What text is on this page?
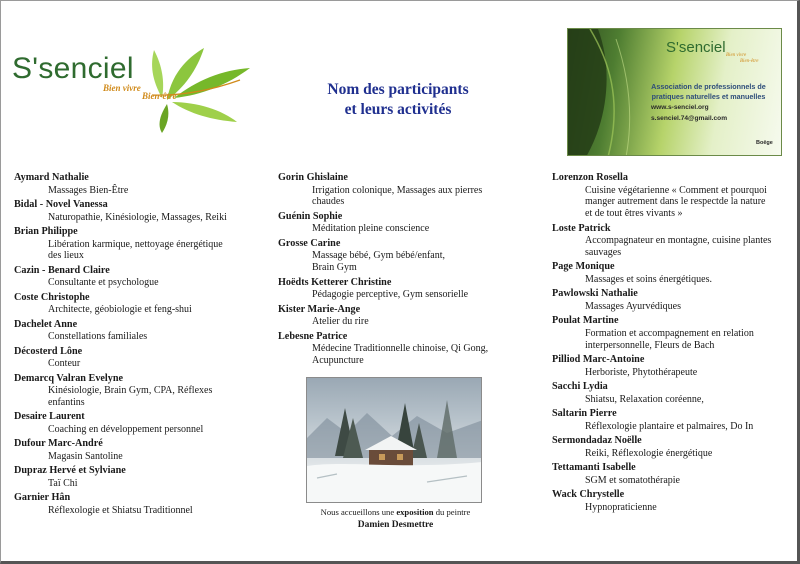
S'senciel
Bien vivre
Bien-être	Nom des participants
et leurs activités
S'senciel Bien vivre
Bien-être
Association de professionnels de
pratiques naturelles et manuelles
www.s-senciel.org
s.senciel.74@gmail.com
Boëge
Aymard Nathalie
Massages Bien-Être
Bidal - Novel Vanessa
Naturopathie, Kinésiologie, Massages, Reiki
Brian Philippe
Libération karmique, nettoyage énergétique
des lieux
Cazin - Benard Claire
Consultante et psychologue
Coste Christophe
Architecte, géobiologie et feng-shui
Dachelet Anne
Constellations familiales
Décosterd Lône
Conteur
Demarcq Valran Evelyne
Kinésiologie, Brain Gym, CPA, Réflexes
enfantins
Desaire Laurent
Coaching en développement personnel
Dufour Marc-André
Magasin Santoline
Dupraz Hervé et Sylviane
Taï Chi
Garnier Hân
Réflexologie et Shiatsu Traditionnel
Gorin Ghislaine
Irrigation colonique, Massages aux pierres
chaudes
Guénin Sophie
Méditation pleine conscience
Grosse Carine
Massage bébé, Gym bébé/enfant,
Brain Gym
Hoëdts Ketterer Christine
Pédagogie perceptive, Gym sensorielle
Kister Marie-Ange
Atelier du rire
Lebesne Patrice
Médecine Traditionnelle chinoise, Qi Gong,
Acupuncture
Lorenzon Rosella
Cuisine végétarienne « Comment et pourquoi
manger autrement dans le respectde la nature
et de tout êtres vivants »
Loste Patrick
Accompagnateur en montagne, cuisine plantes
sauvages
Page Monique
Massages et soins énergétiques.
Pawlowski Nathalie
Massages Ayurvédiques
Poulat Martine
Formation et accompagnement en relation
interpersonnelle, Fleurs de Bach
Pilliod Marc-Antoine
Herboriste, Phytothérapeute
Sacchi Lydia
Shiatsu, Relaxation coréenne,
Saltarin Pierre
Réflexologie plantaire et palmaires, Do In
Sermondadaz Noëlle
Reiki, Réflexologie énergétique
Tettamanti Isabelle
SGM et somatothérapie
Wack Chrystelle
Hypnopraticienne
Nous accueillons une exposition du peintre
Damien Desmettre
